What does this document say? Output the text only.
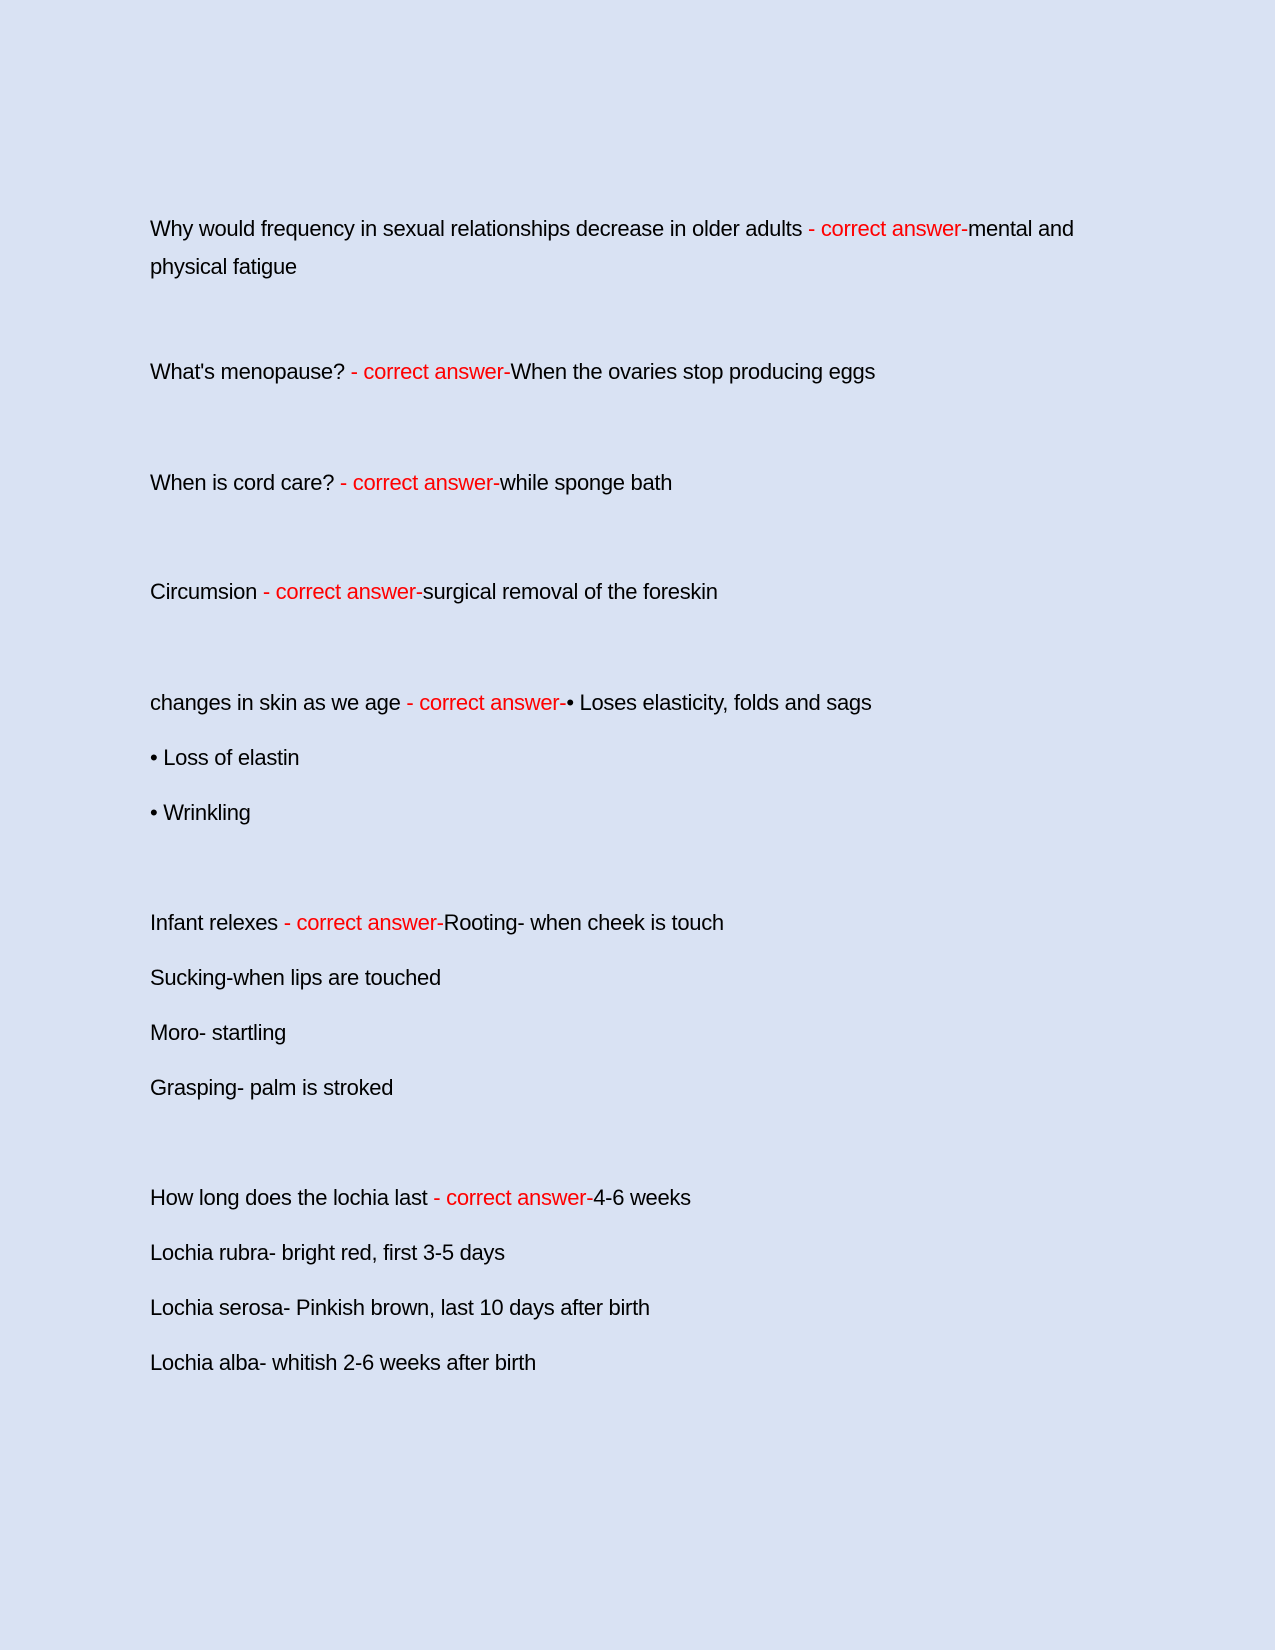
Why would frequency in sexual relationships decrease in older adults - correct answer-mental and physical fatigue
What's menopause? - correct answer-When the ovaries stop producing eggs
When is cord care? - correct answer-while sponge bath
Circumsion - correct answer-surgical removal of the foreskin
changes in skin as we age - correct answer-• Loses elasticity, folds and sags
• Loss of elastin
• Wrinkling
Infant relexes - correct answer-Rooting- when cheek is touch
Sucking-when lips are touched
Moro- startling
Grasping- palm is stroked
How long does the lochia last - correct answer-4-6 weeks
Lochia rubra- bright red, first 3-5 days
Lochia serosa- Pinkish brown, last 10 days after birth
Lochia alba- whitish 2-6 weeks after birth
